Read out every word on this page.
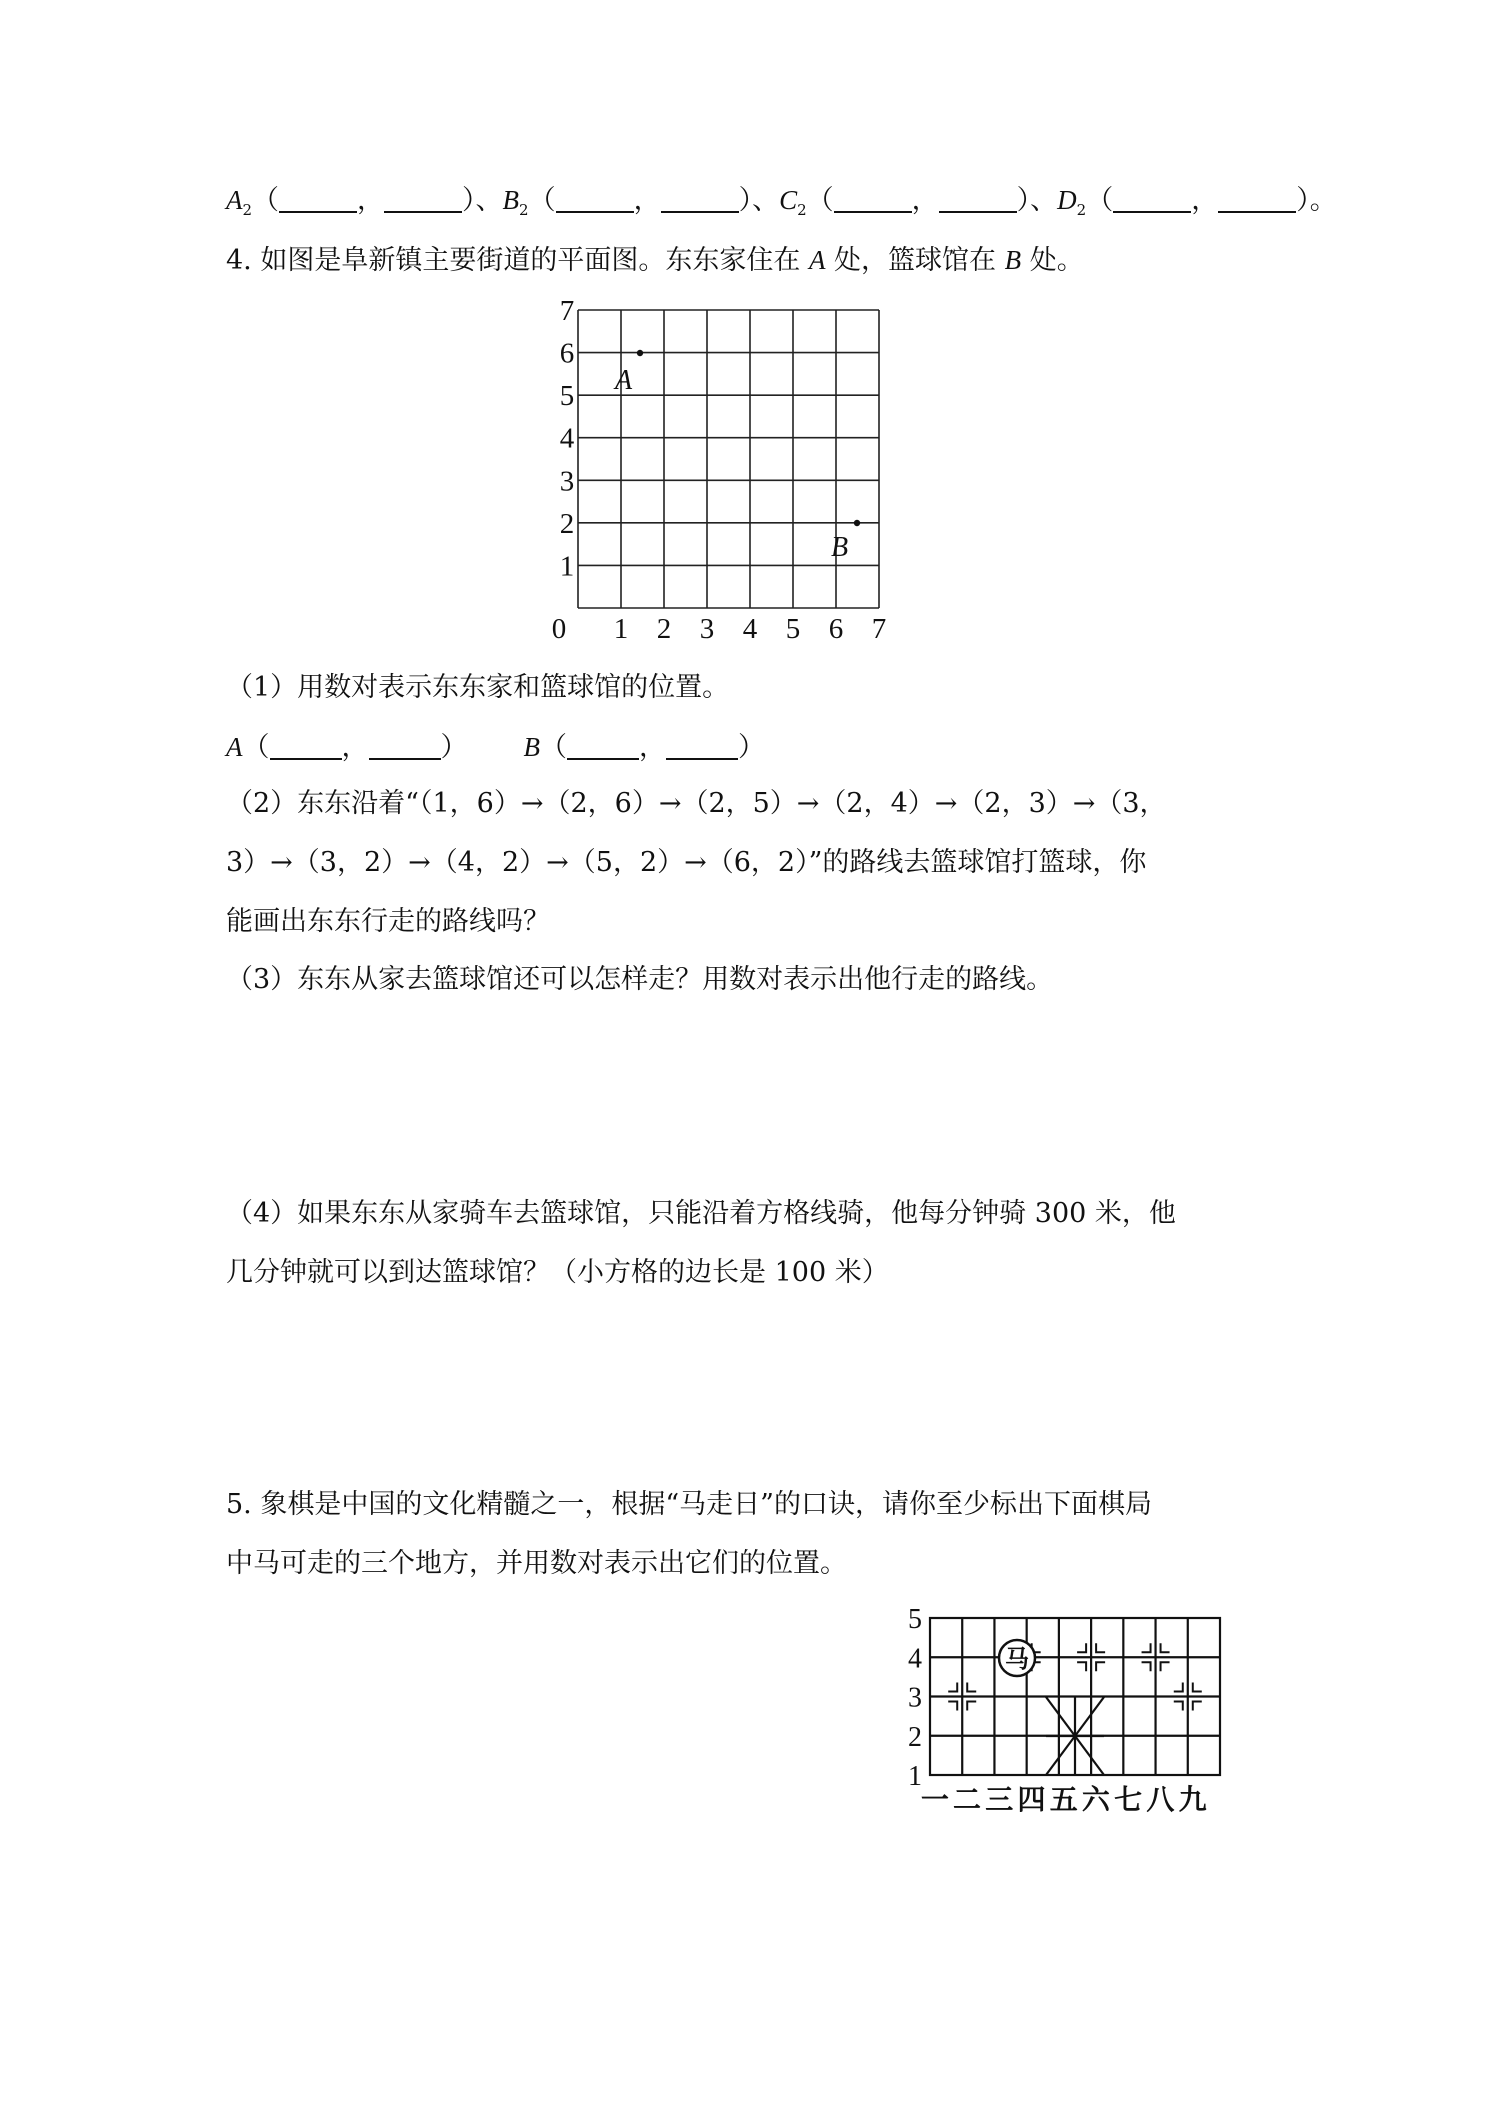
$A_2$（	，	）、$B_2$（	，	）、$C_2$（	，	）、$D_2$（	，	）。
4. 如图是阜新镇主要街道的平面图。东东家住在 A 处，篮球馆在 B 处。
0 1 2 3 4 5 6 7
1
2
3
4
5
6
7
A
B
（1）用数对表示东东家和篮球馆的位置。
A（	，	） B（	，	）
（2）东东沿着“（1，6）→（2，6）→（2，5）→（2，4）→（2，3）→（3，
3）→（3，2）→（4，2）→（5，2）→（6，2）”的路线去篮球馆打篮球，你
能画出东东行走的路线吗？
（3）东东从家去篮球馆还可以怎样走？用数对表示出他行走的路线。
（4）如果东东从家骑车去篮球馆，只能沿着方格线骑，他每分钟骑 300 米，他
几分钟就可以到达篮球馆？（小方格的边长是 100 米）
5. 象棋是中国的文化精髓之一，根据“马走日”的口诀，请你至少标出下面棋局
中马可走的三个地方，并用数对表示出它们的位置。
1
2
3
4
5
一 二 三 四 五 六 七 八 九
马
